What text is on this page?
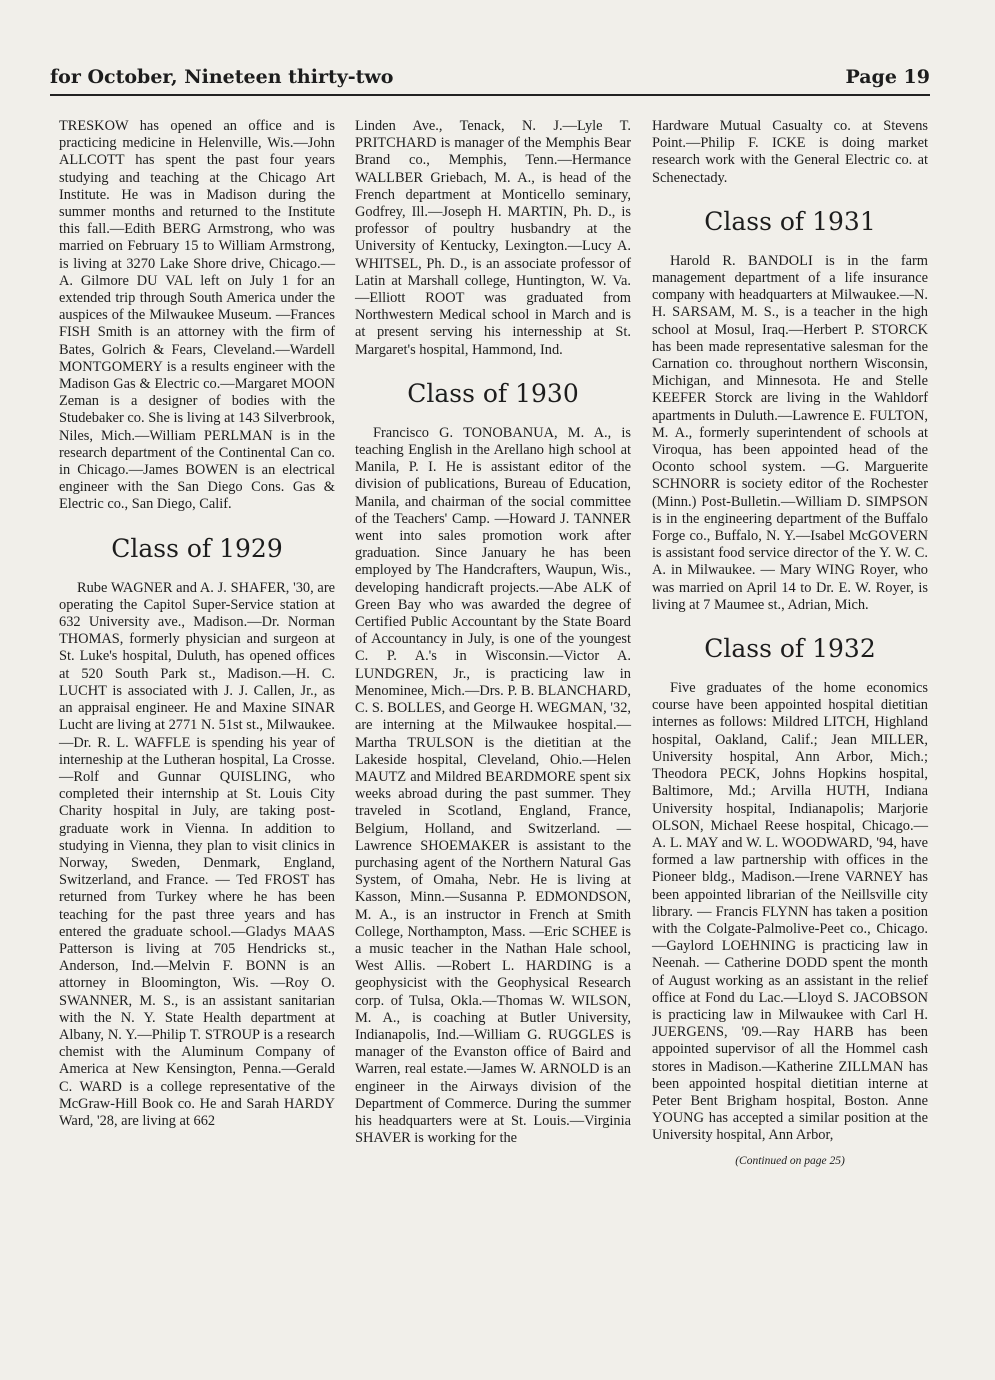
for October, Nineteen thirty-two	Page 19

TRESKOW has opened an office and is practicing medicine in Helenville, Wis.—John ALLCOTT has spent the past four years studying and teaching at the Chicago Art Institute. He was in Madison during the summer months and returned to the Institute this fall.—Edith BERG Armstrong, who was married on February 15 to William Armstrong, is living at 3270 Lake Shore drive, Chicago.—A. Gilmore DU VAL left on July 1 for an extended trip through South America under the auspices of the Milwaukee Museum. —Frances FISH Smith is an attorney with the firm of Bates, Golrich & Fears, Cleveland.—Wardell MONTGOMERY is a results engineer with the Madison Gas & Electric co.—Margaret MOON Zeman is a designer of bodies with the Studebaker co. She is living at 143 Silverbrook, Niles, Mich.—William PERLMAN is in the research department of the Continental Can co. in Chicago.—James BOWEN is an electrical engineer with the San Diego Cons. Gas & Electric co., San Diego, Calif.

Class of 1929

Rube WAGNER and A. J. SHAFER, '30, are operating the Capitol Super-Service station at 632 University ave., Madison.—Dr. Norman THOMAS, formerly physician and surgeon at St. Luke's hospital, Duluth, has opened offices at 520 South Park st., Madison.—H. C. LUCHT is associated with J. J. Callen, Jr., as an appraisal engineer. He and Maxine SINAR Lucht are living at 2771 N. 51st st., Milwaukee.—Dr. R. L. WAFFLE is spending his year of interneship at the Lutheran hospital, La Crosse.—Rolf and Gunnar QUISLING, who completed their internship at St. Louis City Charity hospital in July, are taking post-graduate work in Vienna. In addition to studying in Vienna, they plan to visit clinics in Norway, Sweden, Denmark, England, Switzerland, and France. — Ted FROST has returned from Turkey where he has been teaching for the past three years and has entered the graduate school.—Gladys MAAS Patterson is living at 705 Hendricks st., Anderson, Ind.—Melvin F. BONN is an attorney in Bloomington, Wis. —Roy O. SWANNER, M. S., is an assistant sanitarian with the N. Y. State Health department at Albany, N. Y.—Philip T. STROUP is a research chemist with the Aluminum Company of America at New Kensington, Penna.—Gerald C. WARD is a college representative of the McGraw-Hill Book co. He and Sarah HARDY Ward, '28, are living at 662

Linden Ave., Tenack, N. J.—Lyle T. PRITCHARD is manager of the Memphis Bear Brand co., Memphis, Tenn.—Hermance WALLBER Griebach, M. A., is head of the French department at Monticello seminary, Godfrey, Ill.—Joseph H. MARTIN, Ph. D., is professor of poultry husbandry at the University of Kentucky, Lexington.—Lucy A. WHITSEL, Ph. D., is an associate professor of Latin at Marshall college, Huntington, W. Va.—Elliott ROOT was graduated from Northwestern Medical school in March and is at present serving his internesship at St. Margaret's hospital, Hammond, Ind.

Class of 1930

Francisco G. TONOBANUA, M. A., is teaching English in the Arellano high school at Manila, P. I. He is assistant editor of the division of publications, Bureau of Education, Manila, and chairman of the social committee of the Teachers' Camp. —Howard J. TANNER went into sales promotion work after graduation. Since January he has been employed by The Handcrafters, Waupun, Wis., developing handicraft projects.—Abe ALK of Green Bay who was awarded the degree of Certified Public Accountant by the State Board of Accountancy in July, is one of the youngest C. P. A.'s in Wisconsin.—Victor A. LUNDGREN, Jr., is practicing law in Menominee, Mich.—Drs. P. B. BLANCHARD, C. S. BOLLES, and George H. WEGMAN, '32, are interning at the Milwaukee hospital.—Martha TRULSON is the dietitian at the Lakeside hospital, Cleveland, Ohio.—Helen MAUTZ and Mildred BEARDMORE spent six weeks abroad during the past summer. They traveled in Scotland, England, France, Belgium, Holland, and Switzerland. — Lawrence SHOEMAKER is assistant to the purchasing agent of the Northern Natural Gas System, of Omaha, Nebr. He is living at Kasson, Minn.—Susanna P. EDMONDSON, M. A., is an instructor in French at Smith College, Northampton, Mass. —Eric SCHEE is a music teacher in the Nathan Hale school, West Allis. —Robert L. HARDING is a geophysicist with the Geophysical Research corp. of Tulsa, Okla.—Thomas W. WILSON, M. A., is coaching at Butler University, Indianapolis, Ind.—William G. RUGGLES is manager of the Evanston office of Baird and Warren, real estate.—James W. ARNOLD is an engineer in the Airways division of the Department of Commerce. During the summer his headquarters were at St. Louis.—Virginia SHAVER is working for the

Hardware Mutual Casualty co. at Stevens Point.—Philip F. ICKE is doing market research work with the General Electric co. at Schenectady.

Class of 1931

Harold R. BANDOLI is in the farm management department of a life insurance company with headquarters at Milwaukee.—N. H. SARSAM, M. S., is a teacher in the high school at Mosul, Iraq.—Herbert P. STORCK has been made representative salesman for the Carnation co. throughout northern Wisconsin, Michigan, and Minnesota. He and Stelle KEEFER Storck are living in the Wahldorf apartments in Duluth.—Lawrence E. FULTON, M. A., formerly superintendent of schools at Viroqua, has been appointed head of the Oconto school system. —G. Marguerite SCHNORR is society editor of the Rochester (Minn.) Post-Bulletin.—William D. SIMPSON is in the engineering department of the Buffalo Forge co., Buffalo, N. Y.—Isabel McGOVERN is assistant food service director of the Y. W. C. A. in Milwaukee. — Mary WING Royer, who was married on April 14 to Dr. E. W. Royer, is living at 7 Maumee st., Adrian, Mich.

Class of 1932

Five graduates of the home economics course have been appointed hospital dietitian internes as follows: Mildred LITCH, Highland hospital, Oakland, Calif.; Jean MILLER, University hospital, Ann Arbor, Mich.; Theodora PECK, Johns Hopkins hospital, Baltimore, Md.; Arvilla HUTH, Indiana University hospital, Indianapolis; Marjorie OLSON, Michael Reese hospital, Chicago.—A. L. MAY and W. L. WOODWARD, '94, have formed a law partnership with offices in the Pioneer bldg., Madison.—Irene VARNEY has been appointed librarian of the Neillsville city library. — Francis FLYNN has taken a position with the Colgate-Palmolive-Peet co., Chicago.—Gaylord LOEHNING is practicing law in Neenah. — Catherine DODD spent the month of August working as an assistant in the relief office at Fond du Lac.—Lloyd S. JACOBSON is practicing law in Milwaukee with Carl H. JUERGENS, '09.—Ray HARB has been appointed supervisor of all the Hommel cash stores in Madison.—Katherine ZILLMAN has been appointed hospital dietitian interne at Peter Bent Brigham hospital, Boston. Anne YOUNG has accepted a similar position at the University hospital, Ann Arbor,

(Continued on page 25)
